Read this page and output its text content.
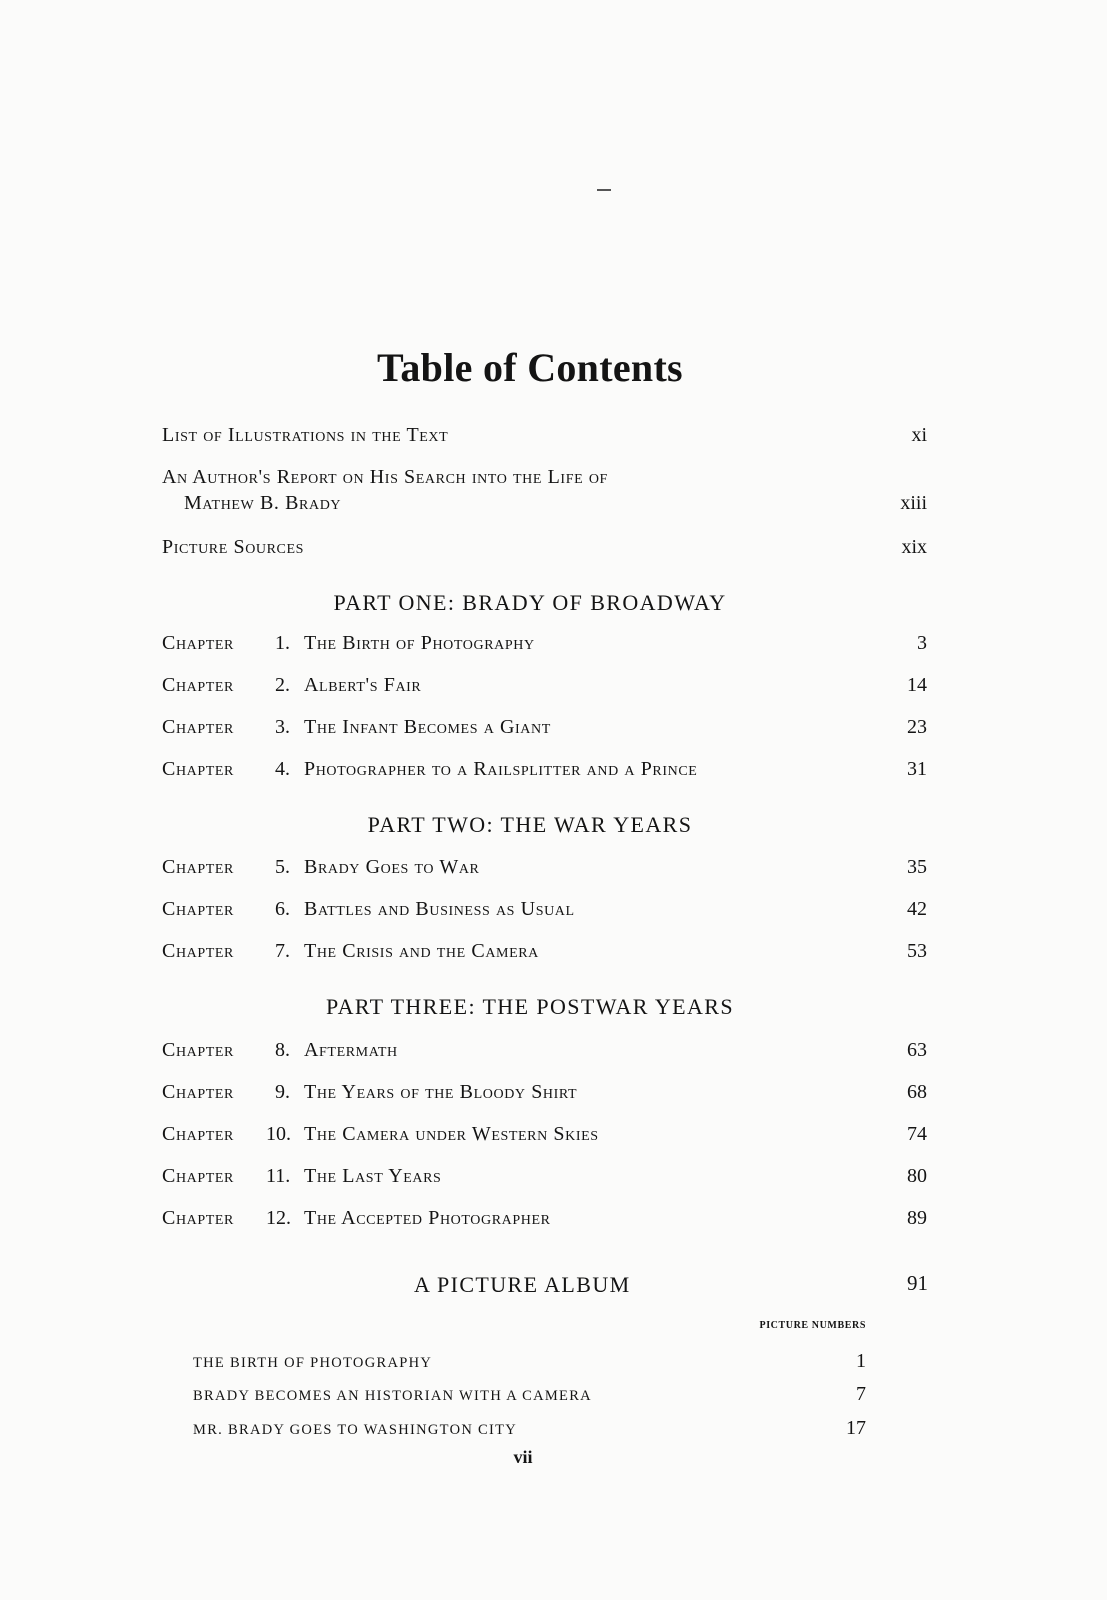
Table of Contents
List of Illustrations in the Text	xi
An Author's Report on His Search into the Life of
Mathew B. Brady	xiii
Picture Sources	xix
PART ONE: BRADY OF BROADWAY
Chapter	1. The Birth of Photography	3
Chapter	2. Albert's Fair	14
Chapter	3. The Infant Becomes a Giant	23
Chapter	4. Photographer to a Railsplitter and a Prince	31
PART TWO: THE WAR YEARS
Chapter	5. Brady Goes to War	35
Chapter	6. Battles and Business as Usual	42
Chapter	7. The Crisis and the Camera	53
PART THREE: THE POSTWAR YEARS
Chapter	8. Aftermath	63
Chapter	9. The Years of the Bloody Shirt	68
Chapter 10. The Camera under Western Skies	74
Chapter 11. The Last Years	80
Chapter 12. The Accepted Photographer	89
A PICTURE ALBUM	91
PICTURE NUMBERS
THE BIRTH OF PHOTOGRAPHY	1
BRADY BECOMES AN HISTORIAN WITH A CAMERA	7
MR. BRADY GOES TO WASHINGTON CITY	17
vii
